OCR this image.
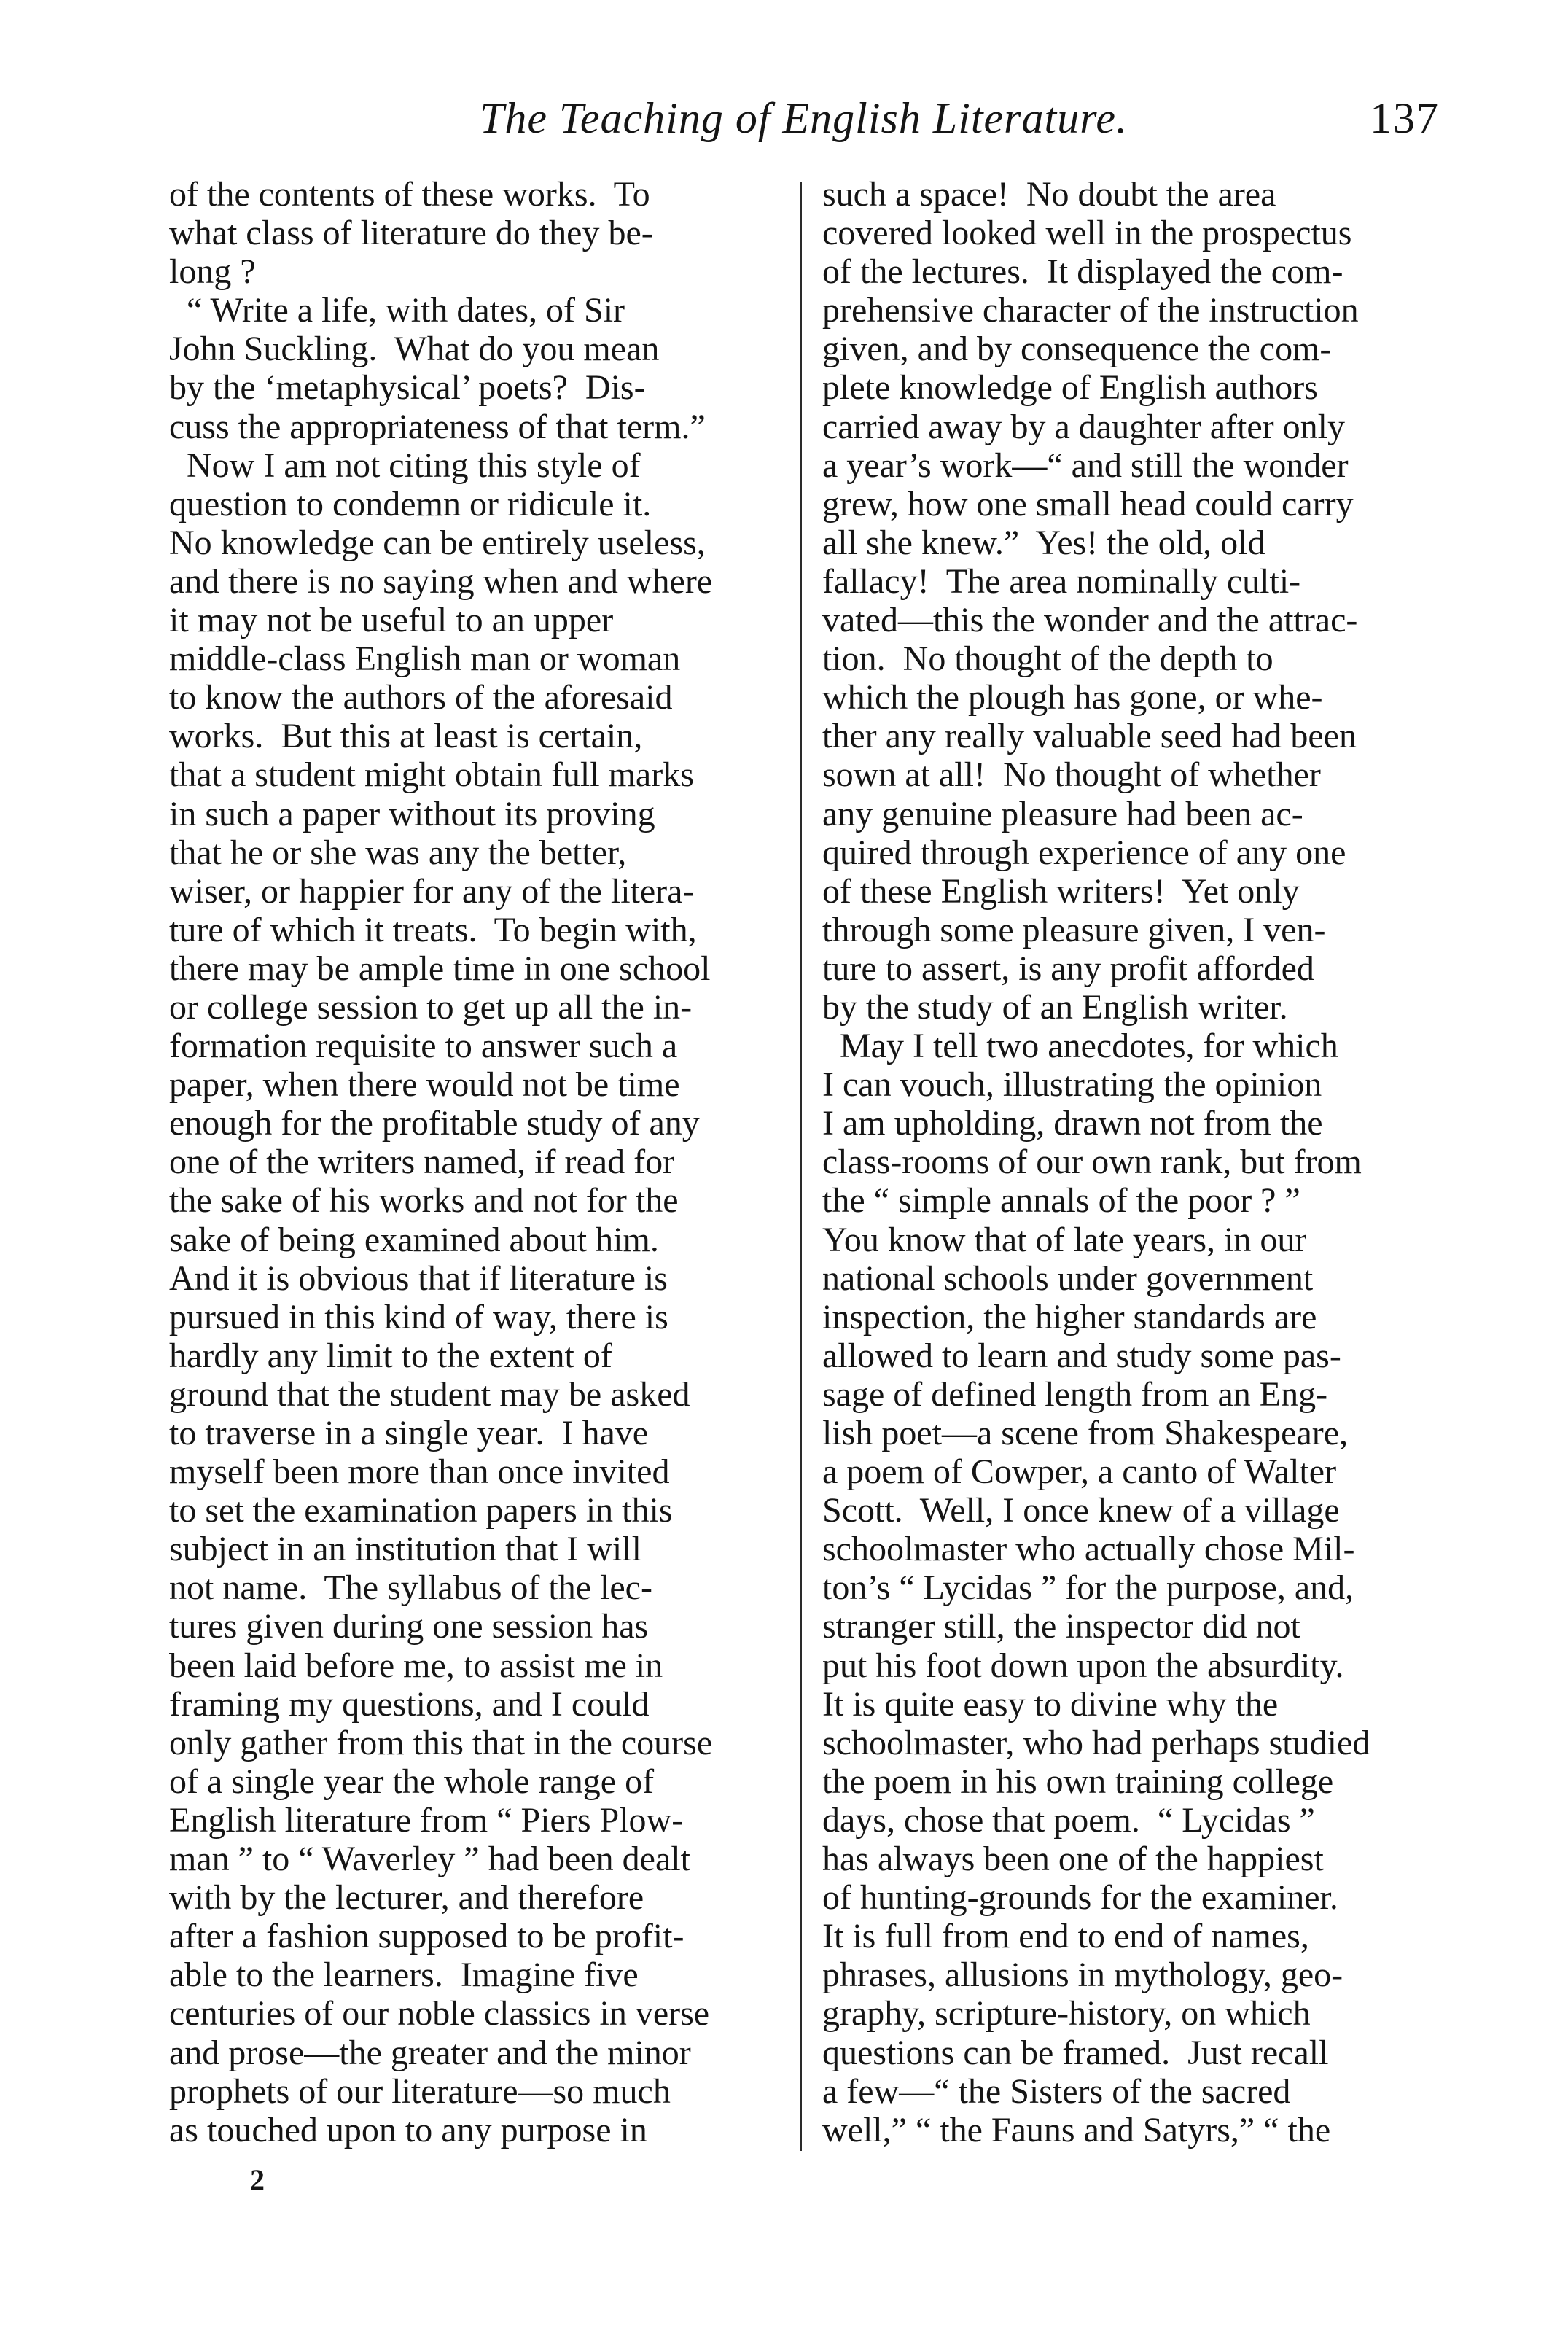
The Teaching of English Literature.	137
of the contents of these works.  To
what class of literature do they be-
long ?
“ Write a life, with dates, of Sir
John Suckling.  What do you mean
by the ‘metaphysical’ poets?  Dis-
cuss the appropriateness of that term.”
Now I am not citing this style of
question to condemn or ridicule it.
No knowledge can be entirely useless,
and there is no saying when and where
it may not be useful to an upper
middle-class English man or woman
to know the authors of the aforesaid
works.  But this at least is certain,
that a student might obtain full marks
in such a paper without its proving
that he or she was any the better,
wiser, or happier for any of the litera-
ture of which it treats.  To begin with,
there may be ample time in one school
or college session to get up all the in-
formation requisite to answer such a
paper, when there would not be time
enough for the profitable study of any
one of the writers named, if read for
the sake of his works and not for the
sake of being examined about him.
And it is obvious that if literature is
pursued in this kind of way, there is
hardly any limit to the extent of
ground that the student may be asked
to traverse in a single year.  I have
myself been more than once invited
to set the examination papers in this
subject in an institution that I will
not name.  The syllabus of the lec-
tures given during one session has
been laid before me, to assist me in
framing my questions, and I could
only gather from this that in the course
of a single year the whole range of
English literature from “ Piers Plow-
man ” to “ Waverley ” had been dealt
with by the lecturer, and therefore
after a fashion supposed to be profit-
able to the learners.  Imagine five
centuries of our noble classics in verse
and prose—the greater and the minor
prophets of our literature—so much
as touched upon to any purpose in
such a space!  No doubt the area
covered looked well in the prospectus
of the lectures.  It displayed the com-
prehensive character of the instruction
given, and by consequence the com-
plete knowledge of English authors
carried away by a daughter after only
a year’s work—“ and still the wonder
grew, how one small head could carry
all she knew.”  Yes! the old, old
fallacy!  The area nominally culti-
vated—this the wonder and the attrac-
tion.  No thought of the depth to
which the plough has gone, or whe-
ther any really valuable seed had been
sown at all!  No thought of whether
any genuine pleasure had been ac-
quired through experience of any one
of these English writers!  Yet only
through some pleasure given, I ven-
ture to assert, is any profit afforded
by the study of an English writer.
May I tell two anecdotes, for which
I can vouch, illustrating the opinion
I am upholding, drawn not from the
class-rooms of our own rank, but from
the “ simple annals of the poor ? ”
You know that of late years, in our
national schools under government
inspection, the higher standards are
allowed to learn and study some pas-
sage of defined length from an Eng-
lish poet—a scene from Shakespeare,
a poem of Cowper, a canto of Walter
Scott.  Well, I once knew of a village
schoolmaster who actually chose Mil-
ton’s “ Lycidas ” for the purpose, and,
stranger still, the inspector did not
put his foot down upon the absurdity.
It is quite easy to divine why the
schoolmaster, who had perhaps studied
the poem in his own training college
days, chose that poem.  “ Lycidas ”
has always been one of the happiest
of hunting-grounds for the examiner.
It is full from end to end of names,
phrases, allusions in mythology, geo-
graphy, scripture-history, on which
questions can be framed.  Just recall
a few—“ the Sisters of the sacred
well,” “ the Fauns and Satyrs,” “ the
2
